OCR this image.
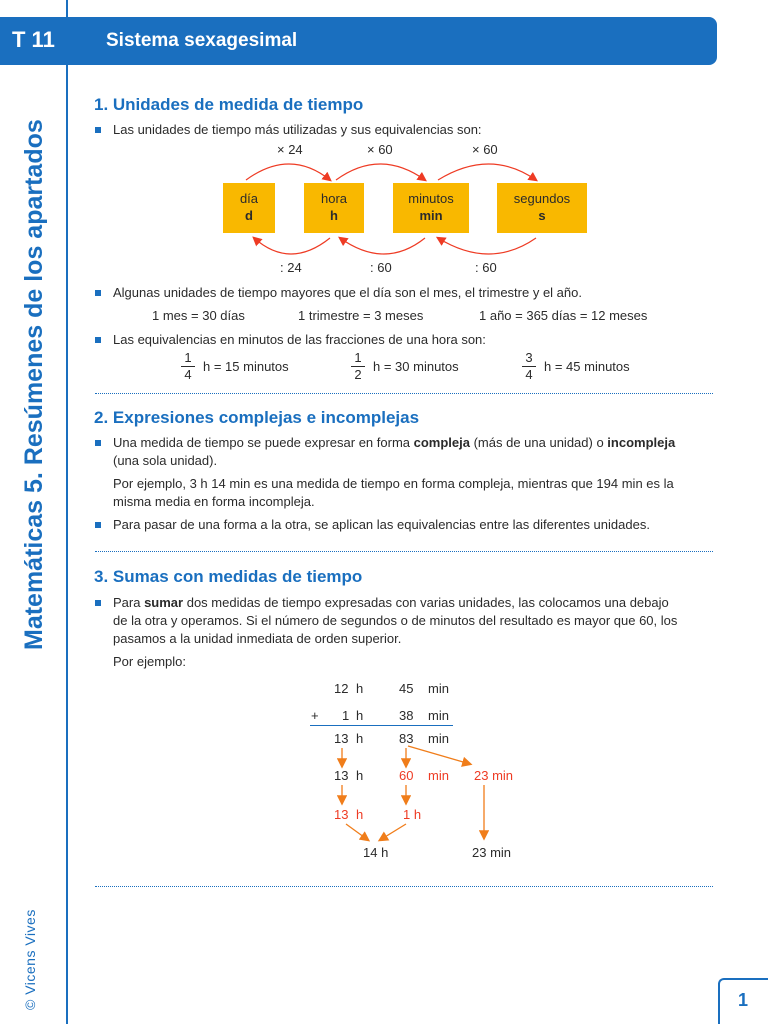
T 11	Sistema sexagesimal
Matemáticas 5. Resúmenes de los apartados
© Vicens Vives	1
1. Unidades de medida de tiempo
Las unidades de tiempo más utilizadas y sus equivalencias son:
× 24	× 60	× 60
día
d
hora
h
minutos
min
segundos
s
: 24	: 60	: 60
Algunas unidades de tiempo mayores que el día son el mes, el trimestre y el año.
1 mes = 30 días	1 trimestre = 3 meses	1 año = 365 días = 12 meses
Las equivalencias en minutos de las fracciones de una hora son:
$\frac{1}{4}$ h = 15 minutos	$\frac{1}{2}$ h = 30 minutos	$\frac{3}{4}$ h = 45 minutos
2. Expresiones complejas e incomplejas
Una medida de tiempo se puede expresar en forma compleja (más de una unidad) o incompleja
(una sola unidad).
Por ejemplo, 3 h 14 min es una medida de tiempo en forma compleja, mientras que 194 min es la
misma media en forma incompleja.
Para pasar de una forma a la otra, se aplican las equivalencias entre las diferentes unidades.
3. Sumas con medidas de tiempo
Para sumar dos medidas de tiempo expresadas con varias unidades, las colocamos una debajo
de la otra y operamos. Si el número de segundos o de minutos del resultado es mayor que 60, los
pasamos a la unidad inmediata de orden superior.
Por ejemplo:
12 h	45 min
+ 1 h	38 min
13 h	83 min
13 h	60 min 23 min
13 h	1 h
14 h	23 min
